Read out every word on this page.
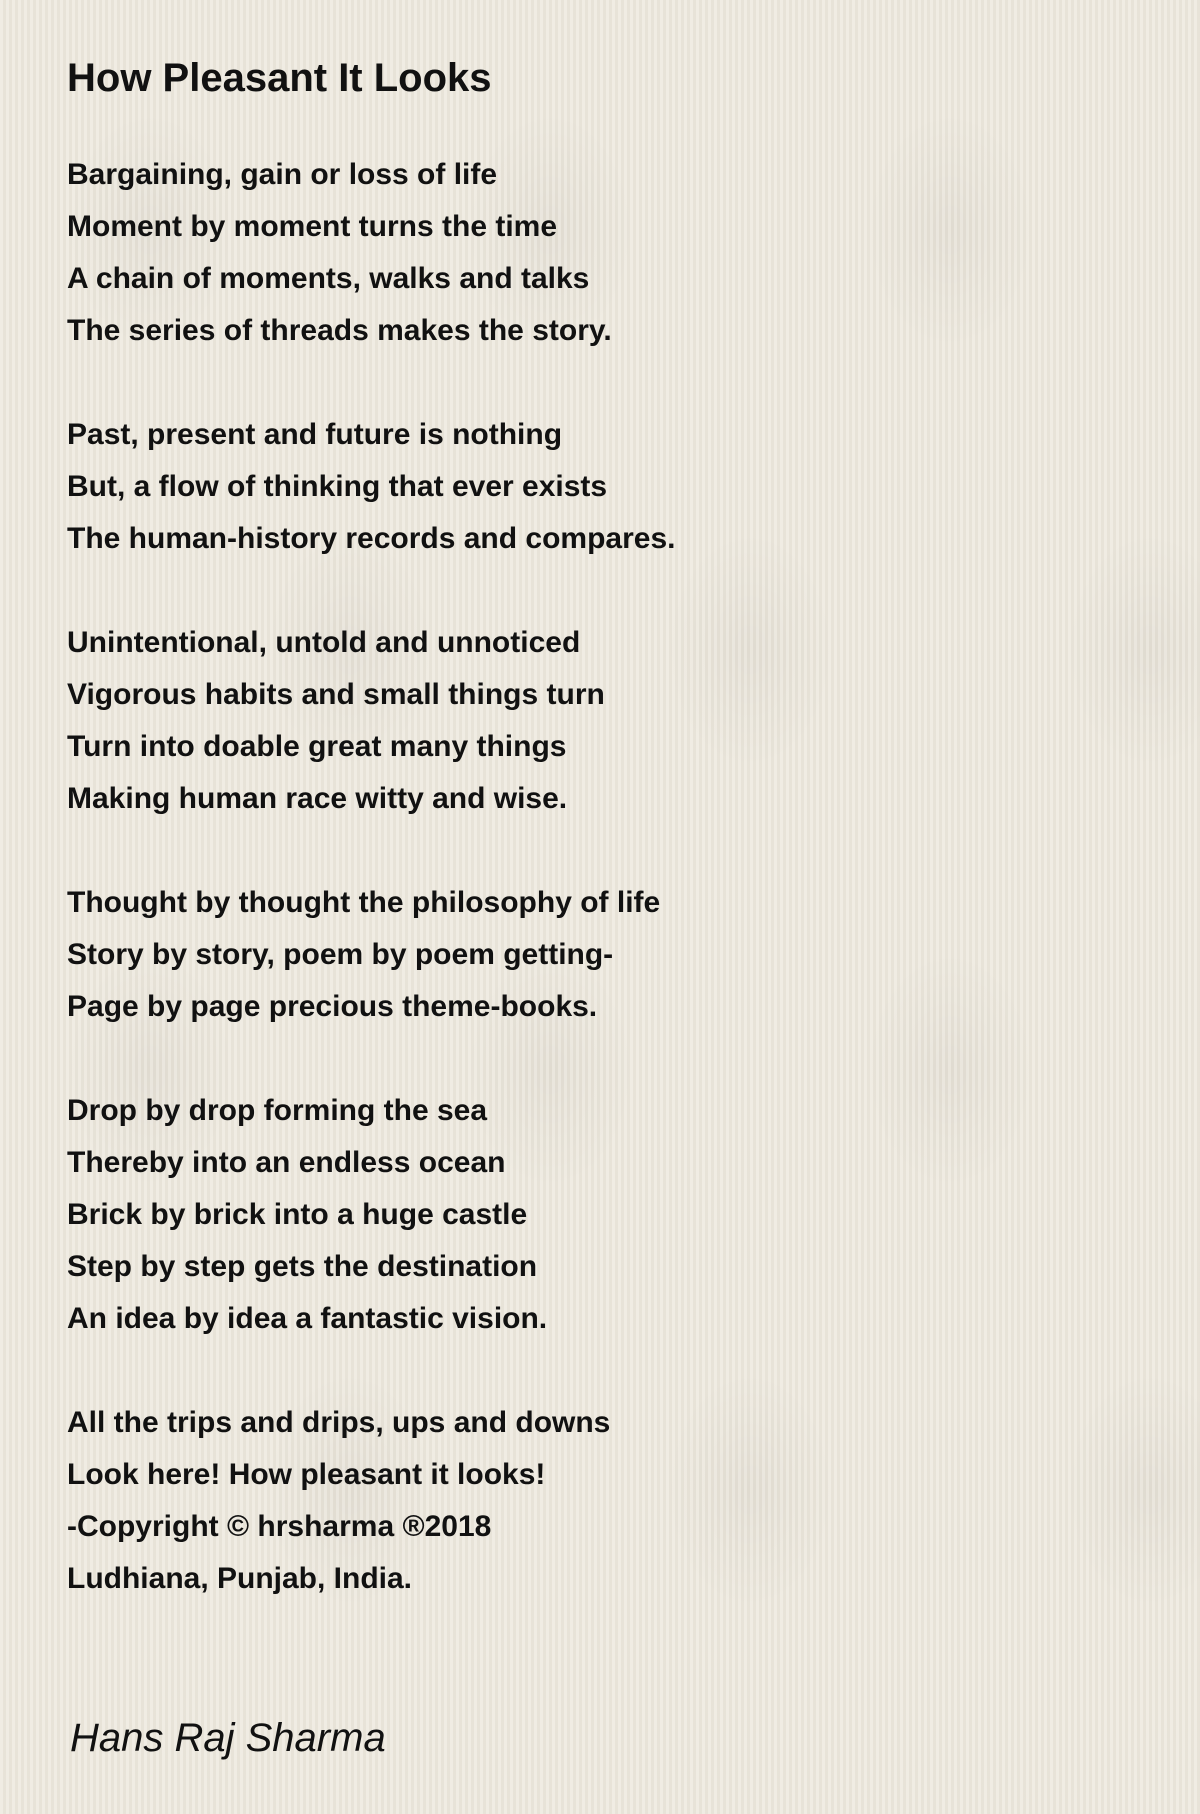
How Pleasant It Looks
Bargaining, gain or loss of life
Moment by moment turns the time
A chain of moments, walks and talks
The series of threads makes the story.
Past, present and future is nothing
But, a flow of thinking that ever exists
The human-history records and compares.
Unintentional, untold and unnoticed
Vigorous habits and small things turn
Turn into doable great many things
Making human race witty and wise.
Thought by thought the philosophy of life
Story by story, poem by poem getting-
Page by page precious theme-books.
Drop by drop forming the sea
Thereby into an endless ocean
Brick by brick into a huge castle
Step by step gets the destination
An idea by idea a fantastic vision.
All the trips and drips, ups and downs
Look here! How pleasant it looks!
-Copyright © hrsharma ®2018
Ludhiana, Punjab, India.

Hans Raj Sharma
